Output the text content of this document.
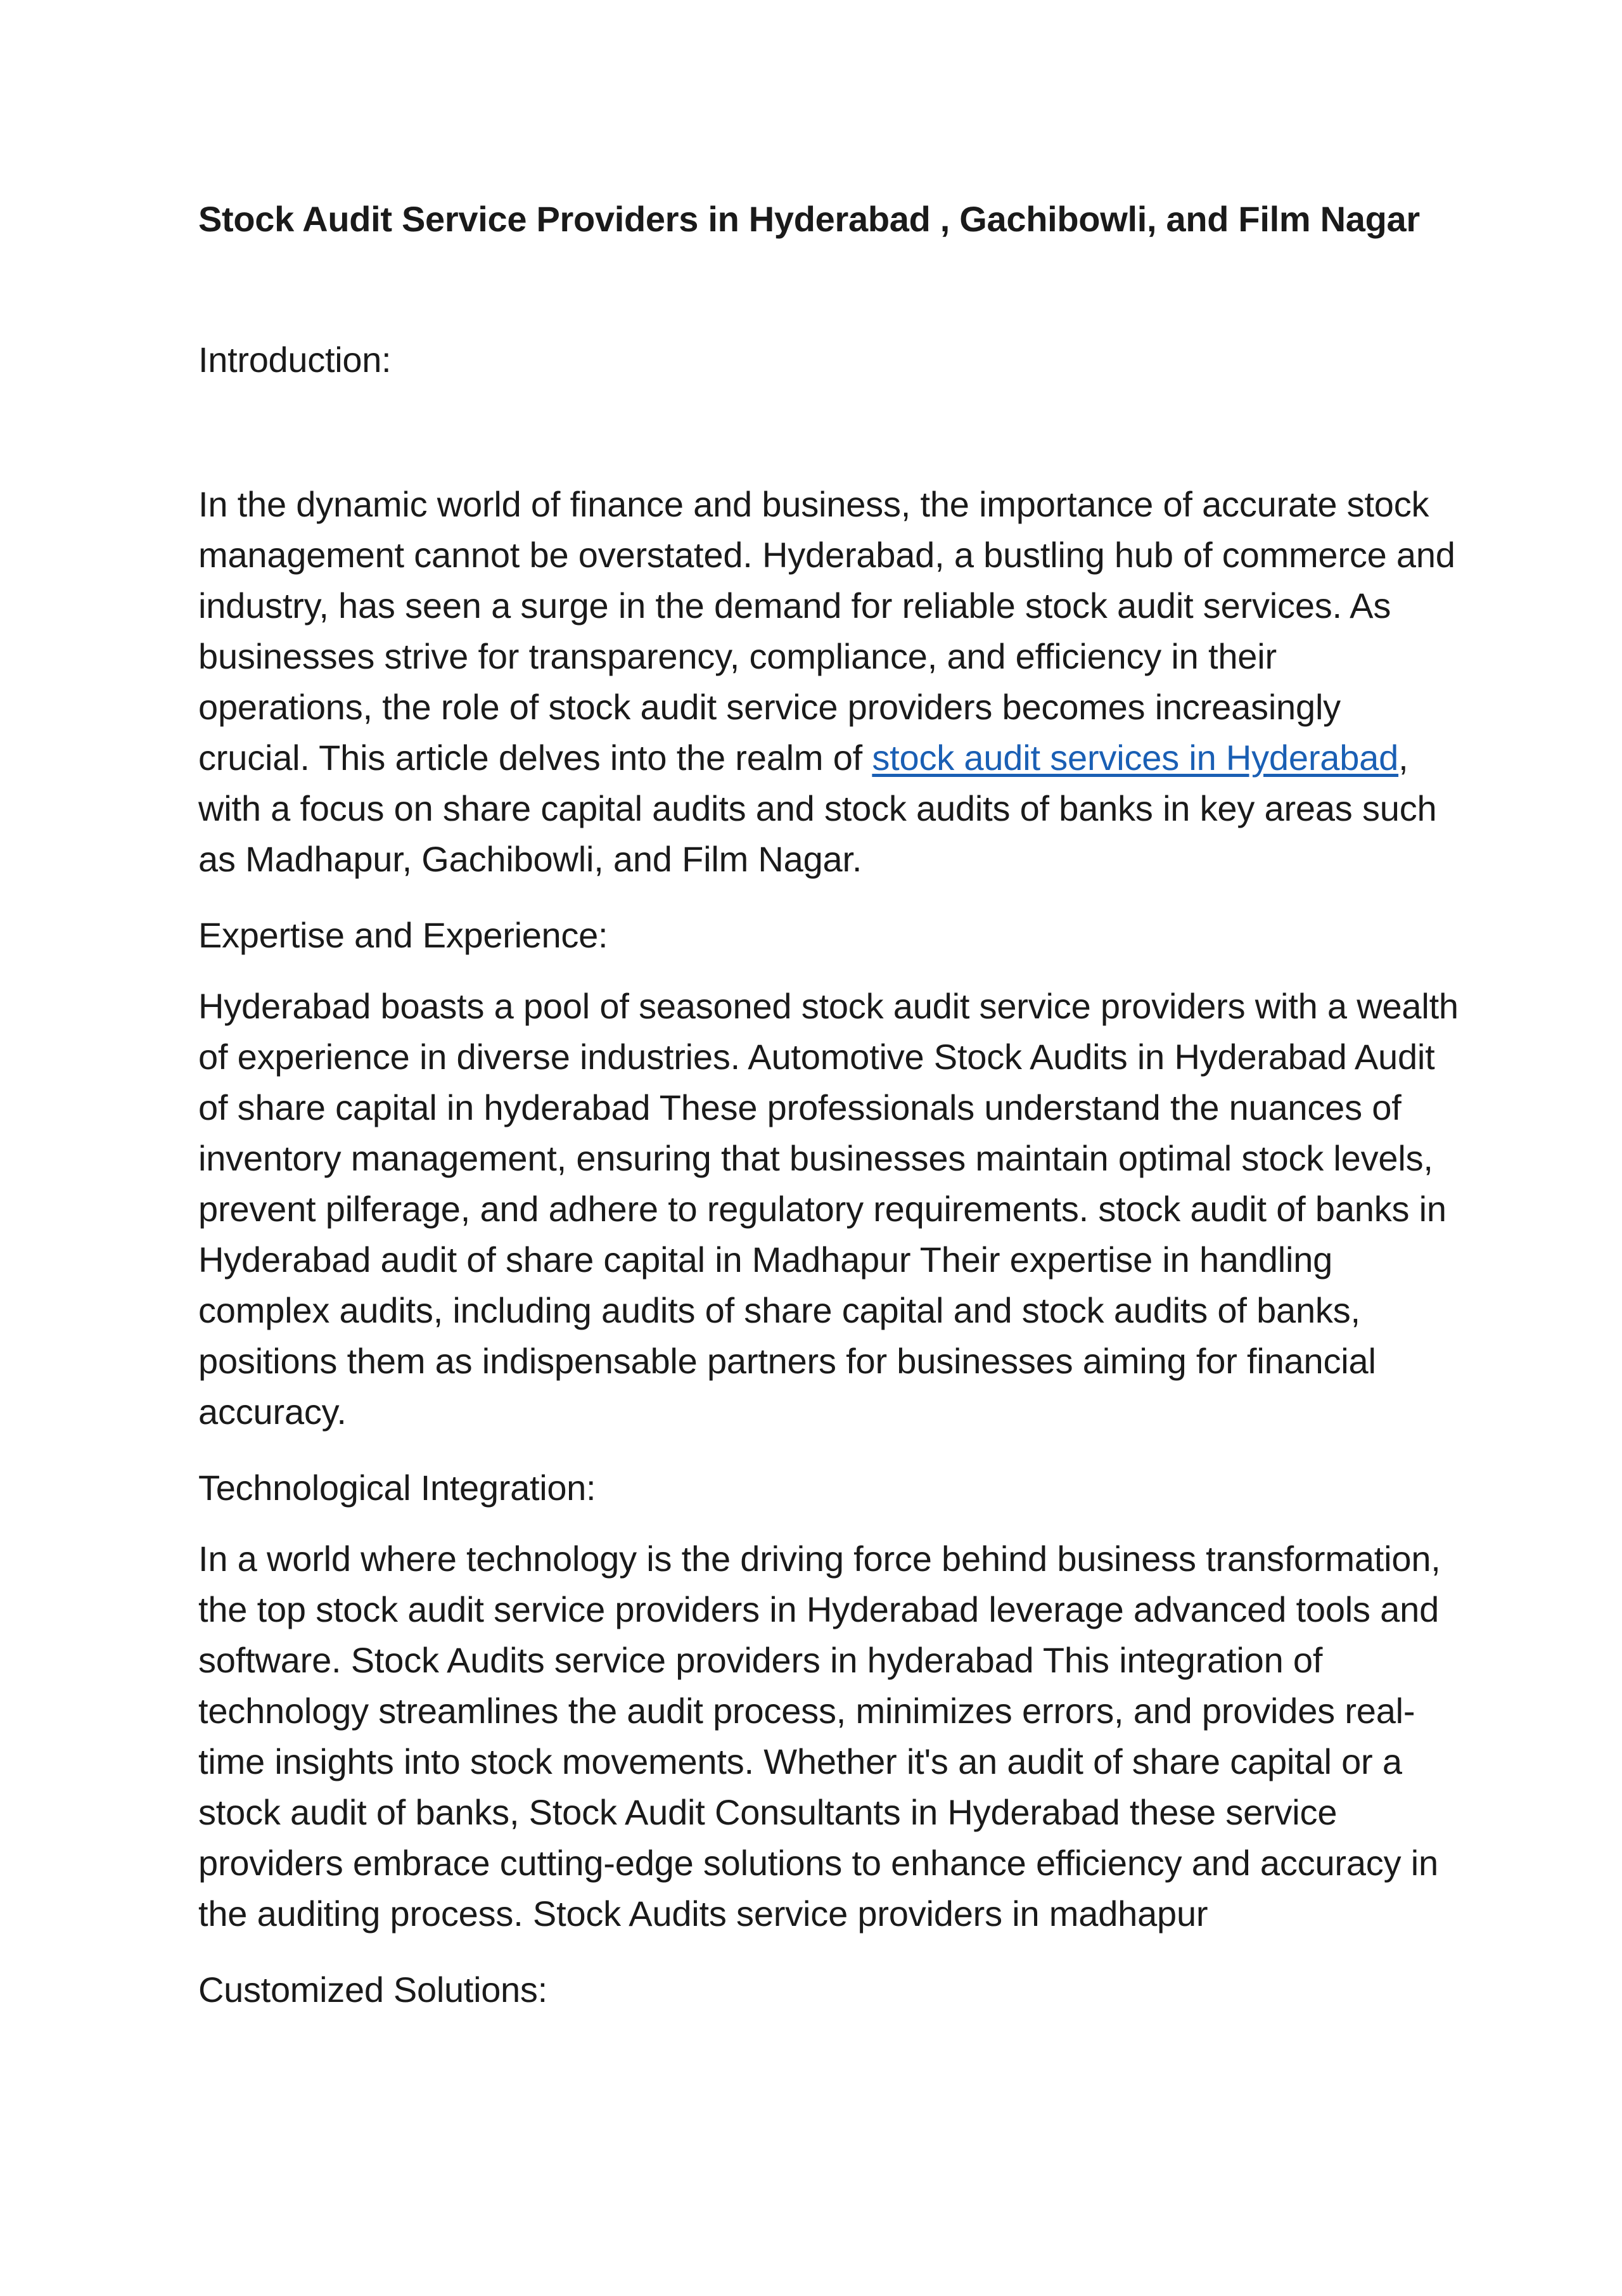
Stock Audit Service Providers in Hyderabad , Gachibowli, and Film Nagar

Introduction:

In the dynamic world of finance and business, the importance of accurate stock management cannot be overstated. Hyderabad, a bustling hub of commerce and industry, has seen a surge in the demand for reliable stock audit services. As businesses strive for transparency, compliance, and efficiency in their operations, the role of stock audit service providers becomes increasingly crucial. This article delves into the realm of stock audit services in Hyderabad, with a focus on share capital audits and stock audits of banks in key areas such as Madhapur, Gachibowli, and Film Nagar.

Expertise and Experience:

Hyderabad boasts a pool of seasoned stock audit service providers with a wealth of experience in diverse industries. Automotive Stock Audits in Hyderabad Audit of share capital in hyderabad These professionals understand the nuances of inventory management, ensuring that businesses maintain optimal stock levels, prevent pilferage, and adhere to regulatory requirements. stock audit of banks in Hyderabad audit of share capital in Madhapur Their expertise in handling complex audits, including audits of share capital and stock audits of banks, positions them as indispensable partners for businesses aiming for financial accuracy.

Technological Integration:

In a world where technology is the driving force behind business transformation, the top stock audit service providers in Hyderabad leverage advanced tools and software. Stock Audits service providers in hyderabad This integration of technology streamlines the audit process, minimizes errors, and provides real-time insights into stock movements. Whether it's an audit of share capital or a stock audit of banks, Stock Audit Consultants in Hyderabad these service providers embrace cutting-edge solutions to enhance efficiency and accuracy in the auditing process. Stock Audits service providers in madhapur

Customized Solutions:
